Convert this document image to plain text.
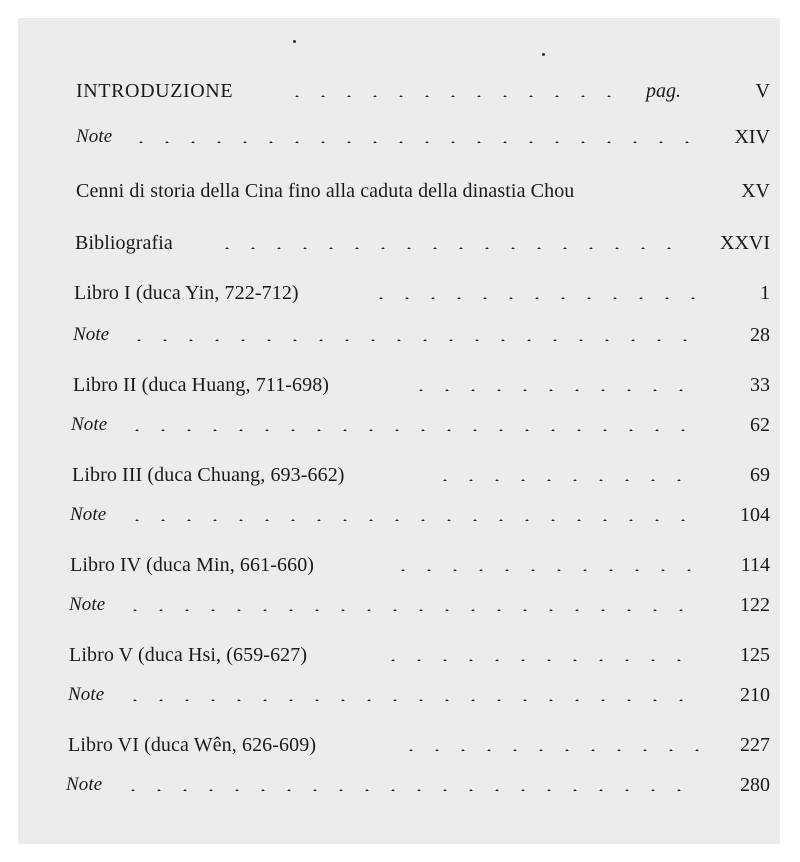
INTRODUZIONE	pag.	V
Note	XIV
Cenni di storia della Cina fino alla caduta della dinastia Chou	XV
Bibliografia	XXVI
Libro I (duca Yin, 722-712)	1
Note	28
Libro II (duca Huang, 711-698)	33
Note	62
Libro III (duca Chuang, 693-662)	69
Note	104
Libro IV (duca Min, 661-660)	114
Note	122
Libro V (duca Hsi, (659-627)	125
Note	210
Libro VI (duca Wên, 626-609)	227
Note	280
